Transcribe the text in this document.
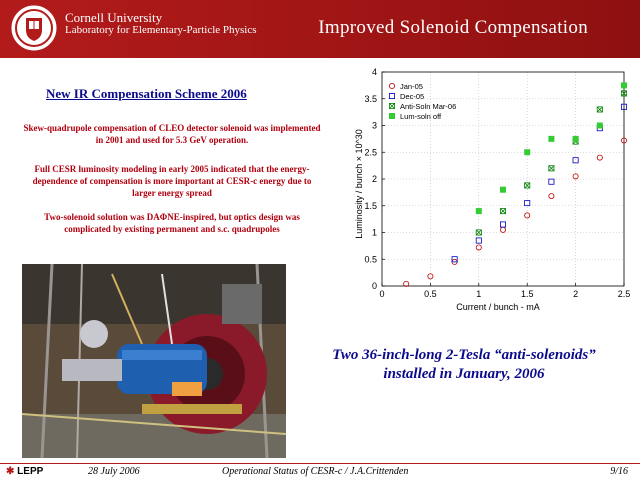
Cornell University
Laboratory for Elementary-Particle Physics	Improved Solenoid Compensation
New IR Compensation Scheme 2006
Skew-quadrupole compensation of CLEO detector solenoid was implemented in 2001 and used for 5.3 GeV operation.
Full CESR luminosity modeling in early 2005 indicated that the energy-dependence of compensation is more important at CESR-c energy due to larger energy spread
Two-solenoid solution was DAΦNE-inspired, but optics design was complicated by existing permanent and s.c. quadrupoles
0	0.5	1	1.5	2	2.5
0
0.5
1
1.5
2
2.5
3
3.5
4
Jan-05
Dec-05
Anti-Soln Mar-06
Lum-soln off
Current / bunch - mA
Luminosity / bunch × 10^30
Two 36-inch-long 2-Tesla “anti-solenoids”
installed in January, 2006
✱ LEPP	28 July 2006	Operational Status of CESR-c / J.A.Crittenden	9/16
